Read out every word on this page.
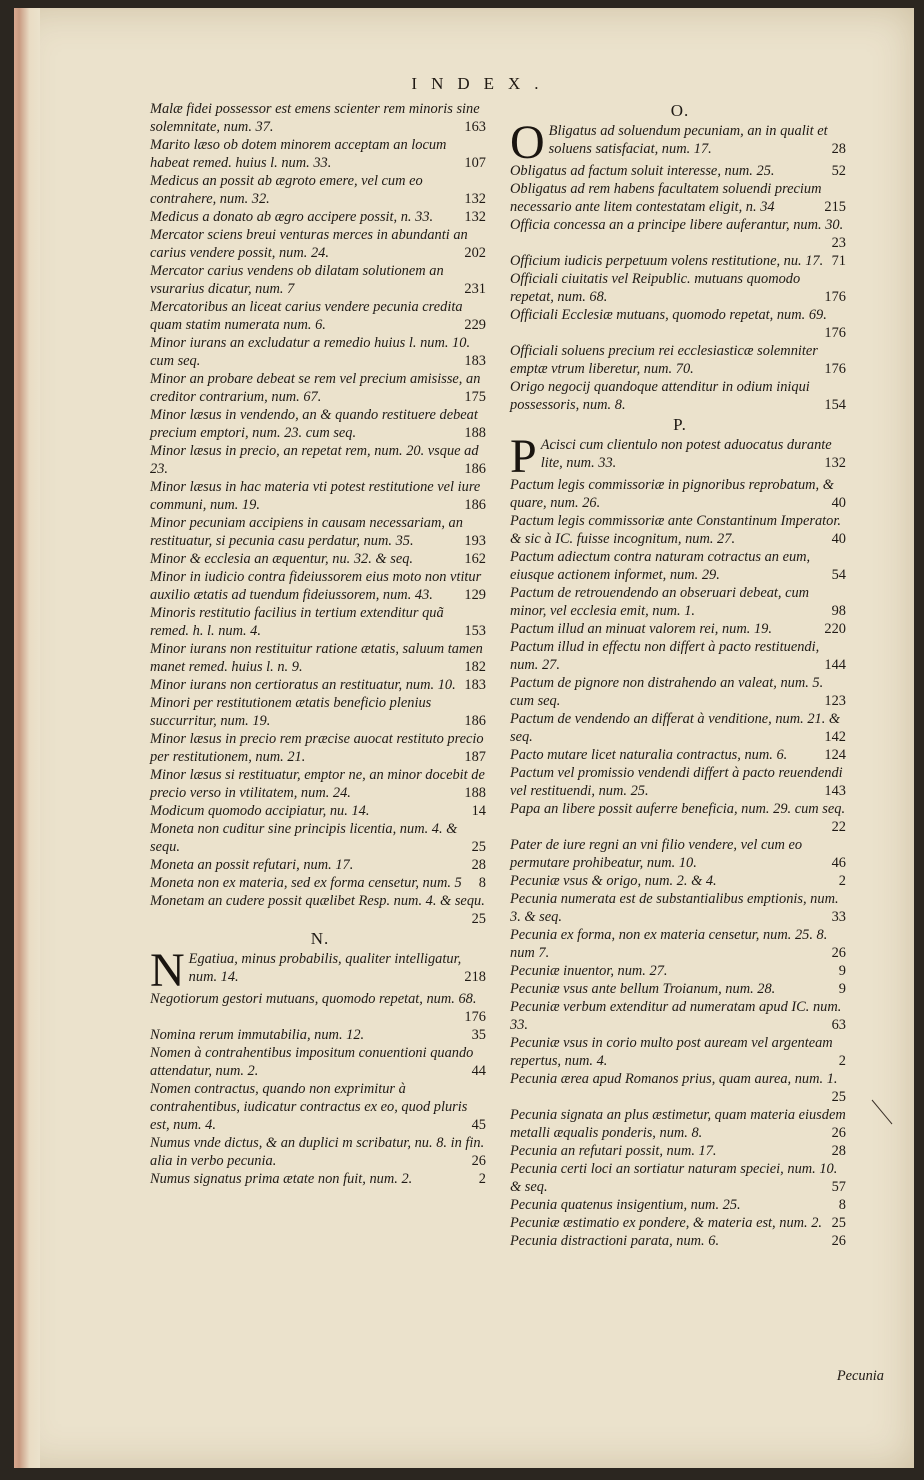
INDEX.
Malæ fidei possessor est emens scienter rem minoris sine solemnitate, num. 37.	163
Marito læso ob dotem minorem acceptam an locum habeat remed. huius l. num. 33.	107
Medicus an possit ab ægroto emere, vel cum eo contrahere, num. 32.	132
Medicus a donato ab ægro accipere possit, n. 33. 132
Mercator sciens breui venturas merces in abundanti an carius vendere possit, num. 24.	202
Mercator carius vendens ob dilatam solutionem an vsurarius dicatur, num. 7	231
Mercatoribus an liceat carius vendere pecunia credita quam statim numerata num. 6.	229
Minor iurans an excludatur a remedio huius l. num. 10. cum seq.	183
Minor an probare debeat se rem vel precium amisisse, an creditor contrarium, num. 67.	175
Minor læsus in vendendo, an & quando restituere debeat precium emptori, num. 23. cum seq.	188
Minor læsus in precio, an repetat rem, num. 20. vsque ad 23.	186
Minor læsus in hac materia vti potest restitutione vel iure communi, num. 19.	186
Minor pecuniam accipiens in causam necessariam, an restituatur, si pecunia casu perdatur, num. 35.	193
Minor & ecclesia an æquentur, nu. 32. & seq.	162
Minor in iudicio contra fideiussorem eius moto non vtitur auxilio ætatis ad tuendum fideiussorem, num. 43. 129
Minoris restitutio facilius in tertium extenditur quã remed. h. l. num. 4.	153
Minor iurans non restituitur ratione ætatis, saluum tamen manet remed. huius l. n. 9.	182
Minor iurans non certioratus an restituatur, num. 10. 183
Minori per restitutionem ætatis beneficio plenius succurritur, num. 19.	186
Minor læsus in precio rem præcise auocat restituto precio per restitutionem, num. 21.	187
Minor læsus si restituatur, emptor ne, an minor docebit de precio verso in vtilitatem, num. 24.	188
Modicum quomodo accipiatur, nu. 14.	14
Moneta non cuditur sine principis licentia, num. 4. & sequ.	25
Moneta an possit refutari, num. 17.	28
Moneta non ex materia, sed ex forma censetur, num. 5 8
Monetam an cudere possit quælibet Resp. num. 4. & sequ.
25
N.
N Egatiua, minus probabilis, qualiter intelligatur, num. 14.	218
Negotiorum gestori mutuans, quomodo repetat, num. 68.
176
Nomina rerum immutabilia, num. 12.	35
Nomen à contrahentibus impositum conuentioni quando attendatur, num. 2.	44
Nomen contractus, quando non exprimitur à contrahentibus, iudicatur contractus ex eo, quod pluris est, num. 4.	45
Numus vnde dictus, & an duplici m scribatur, nu. 8. in fin. alia in verbo pecunia.	26
Numus signatus prima ætate non fuit, num. 2.	2
O.
O Bligatus ad soluendum pecuniam, an in qualit et soluens satisfaciat, num. 17.	28
Obligatus ad factum soluit interesse, num. 25.	52
Obligatus ad rem habens facultatem soluendi precium necessario ante litem contestatam eligit, n. 34	215
Officia concessa an a principe libere auferantur, num. 30.
23
Officium iudicis perpetuum volens restitutione, nu. 17. 71
Officiali ciuitatis vel Reipublic. mutuans quomodo repetat, num. 68.	176
Officiali Ecclesiæ mutuans, quomodo repetat, num. 69.
176
Officiali soluens precium rei ecclesiasticæ solemniter emptæ vtrum liberetur, num. 70.	176
Origo negocij quandoque attenditur in odium iniqui possessoris, num. 8.	154
P.
P Acisci cum clientulo non potest aduocatus durante lite, num. 33.	132
Pactum legis commissoriæ in pignoribus reprobatum, & quare, num. 26.	40
Pactum legis commissoriæ ante Constantinum Imperator. & sic à IC. fuisse incognitum, num. 27.	40
Pactum adiectum contra naturam cotractus an eum, eiusque actionem informet, num. 29.	54
Pactum de retrouendendo an obseruari debeat, cum minor, vel ecclesia emit, num. 1.	98
Pactum illud an minuat valorem rei, num. 19.	220
Pactum illud in effectu non differt à pacto restituendi, num. 27.	144
Pactum de pignore non distrahendo an valeat, num. 5. cum seq.	123
Pactum de vendendo an differat à venditione, num. 21. & seq.	142
Pacto mutare licet naturalia contractus, num. 6.	124
Pactum vel promissio vendendi differt à pacto reuendendi vel restituendi, num. 25.	143
Papa an libere possit auferre beneficia, num. 29. cum seq.
22
Pater de iure regni an vni filio vendere, vel cum eo permutare prohibeatur, num. 10.	46
Pecuniæ vsus & origo, num. 2. & 4.	2
Pecunia numerata est de substantialibus emptionis, num. 3. & seq.	33
Pecunia ex forma, non ex materia censetur, num. 25. 8. num 7.	26
Pecuniæ inuentor, num. 27.	9
Pecuniæ vsus ante bellum Troianum, num. 28.	9
Pecuniæ verbum extenditur ad numeratam apud IC. num. 33.	63
Pecuniæ vsus in corio multo post auream vel argenteam repertus, num. 4.	2
Pecunia ærea apud Romanos prius, quam aurea, num. 1.
25
Pecunia signata an plus æstimetur, quam materia eiusdem metalli æqualis ponderis, num. 8.	26
Pecunia an refutari possit, num. 17.	28
Pecunia certi loci an sortiatur naturam speciei, num. 10. & seq.	57
Pecunia quatenus insigentium, num. 25.	8
Pecuniæ æstimatio ex pondere, & materia est, num. 2. 25
Pecunia distractioni parata, num. 6.	26
Pecunia
